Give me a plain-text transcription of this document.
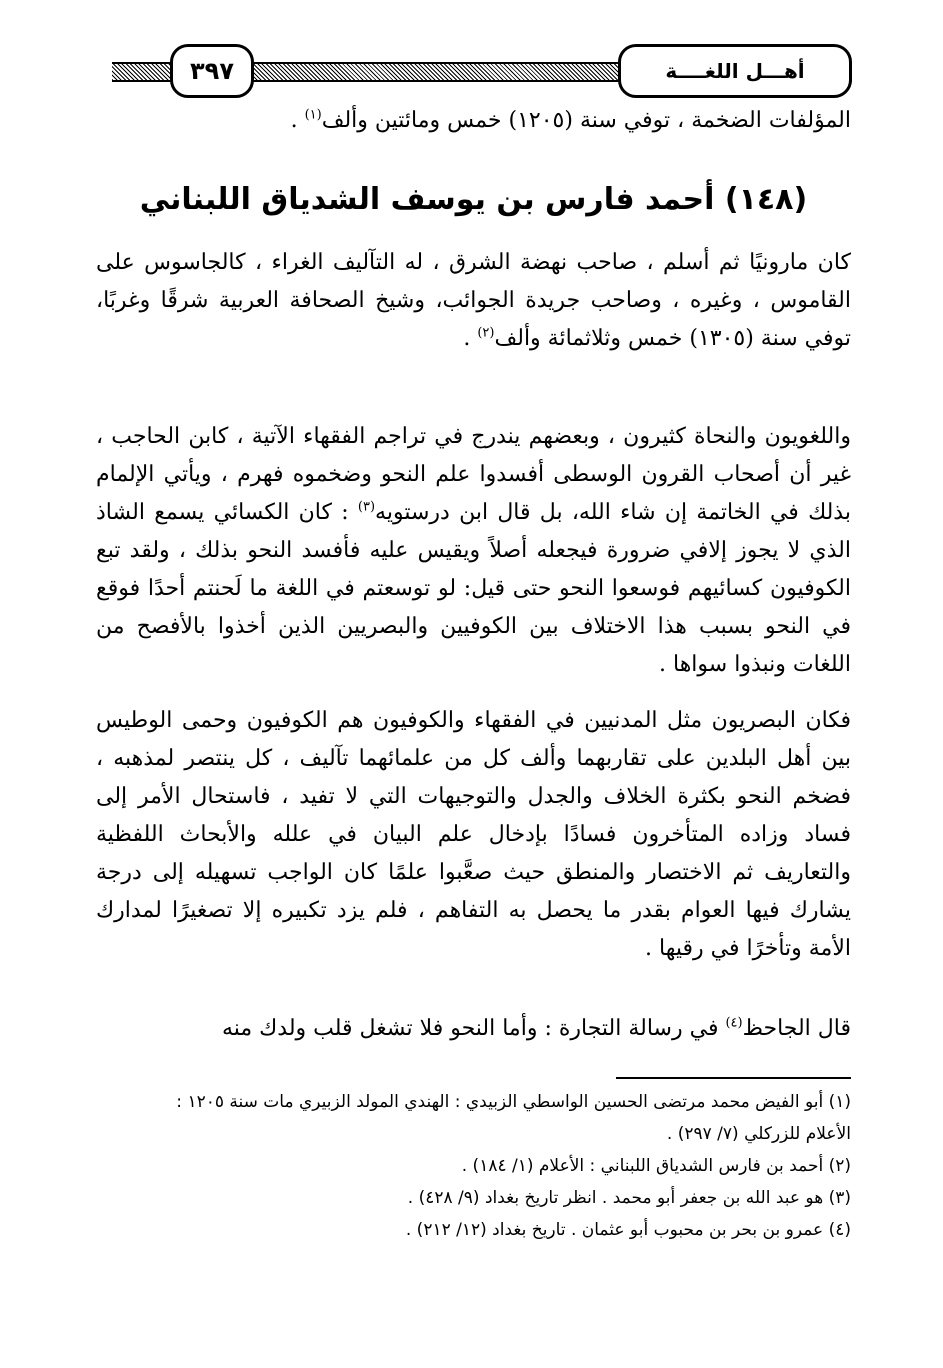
أهـــل اللغــــة
٣٩٧
المؤلفات الضخمة ، توفي سنة (١٢٠٥) خمس ومائتين وألف$^{(١)}$ .
(١٤٨) أحمد فارس بن يوسف الشدياق اللبناني
كان مارونيًا ثم أسلم ، صاحب نهضة الشرق ، له التآليف الغراء ، كالجاسوس على القاموس ، وغيره ، وصاحب جريدة الجوائب، وشيخ الصحافة العربية شرقًا وغربًا، توفي سنة (١٣٠٥) خمس وثلاثمائة وألف$^{(٢)}$ .
واللغويون والنحاة كثيرون ، وبعضهم يندرج في تراجم الفقهاء الآتية ، كابن الحاجب ، غير أن أصحاب القرون الوسطى أفسدوا علم النحو وضخموه فهرم ، ويأتي الإلمام بذلك في الخاتمة إن شاء الله، بل قال ابن درستويه$^{(٣)}$ : كان الكسائي يسمع الشاذ الذي لا يجوز إلافي ضرورة فيجعله أصلاً ويقيس عليه فأفسد النحو بذلك ، ولقد تبع الكوفيون كسائيهم فوسعوا النحو حتى قيل: لو توسعتم في اللغة ما لَحنتم أحدًا فوقع في النحو بسبب هذا الاختلاف بين الكوفيين والبصريين الذين أخذوا بالأفصح من اللغات ونبذوا سواها .
فكان البصريون مثل المدنيين في الفقهاء والكوفيون هم الكوفيون وحمى الوطيس بين أهل البلدين على تقاربهما وألف كل من علمائهما تآليف ، كل ينتصر لمذهبه ، فضخم النحو بكثرة الخلاف والجدل والتوجيهات التي لا تفيد ، فاستحال الأمر إلى فساد وزاده المتأخرون فسادًا بإدخال علم البيان في علله والأبحاث اللفظية والتعاريف ثم الاختصار والمنطق حيث صعَّبوا علمًا كان الواجب تسهيله إلى درجة يشارك فيها العوام بقدر ما يحصل به التفاهم ، فلم يزد تكبيره إلا تصغيرًا لمدارك الأمة وتأخرًا في رقيها .
قال الجاحظ$^{(٤)}$ في رسالة التجارة : وأما النحو فلا تشغل قلب ولدك منه
(١) أبو الفيض محمد مرتضى الحسين الواسطي الزبيدي : الهندي المولد الزبيري مات سنة ١٢٠٥ :
الأعلام للزركلي (٧/ ٢٩٧) .
(٢) أحمد بن فارس الشدياق اللبناني : الأعلام (١/ ١٨٤) .
(٣) هو عبد الله بن جعفر أبو محمد . انظر تاريخ بغداد (٩/ ٤٢٨) .
(٤) عمرو بن بحر بن محبوب أبو عثمان . تاريخ بغداد (١٢/ ٢١٢) .
